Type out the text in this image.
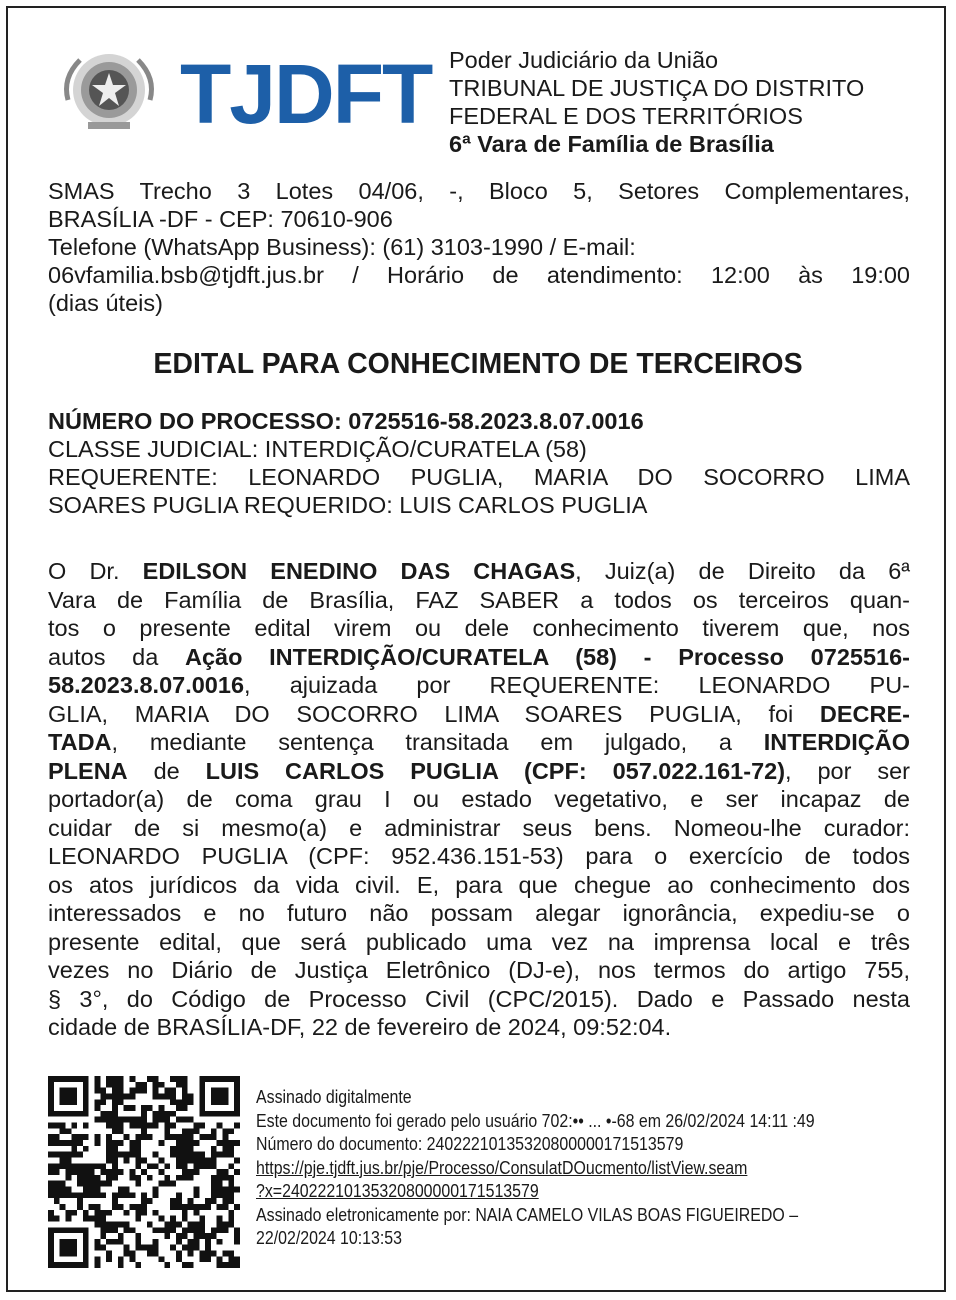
TJDFT Poder Judiciário da União
TRIBUNAL DE JUSTIÇA DO DISTRITO
FEDERAL E DOS TERRITÓRIOS
6ª Vara de Família de Brasília
SMAS Trecho 3 Lotes 04/06, -, Bloco 5, Setores Complementares,
BRASÍLIA -DF - CEP: 70610-906
Telefone (WhatsApp Business): (61) 3103-1990 / E-mail:
06vfamilia.bsb@tjdft.jus.br / Horário de atendimento: 12:00 às 19:00
(dias úteis)
EDITAL PARA CONHECIMENTO DE TERCEIROS
NÚMERO DO PROCESSO: 0725516-58.2023.8.07.0016
CLASSE JUDICIAL: INTERDIÇÃO/CURATELA (58)
REQUERENTE: LEONARDO PUGLIA, MARIA DO SOCORRO LIMA
SOARES PUGLIA REQUERIDO: LUIS CARLOS PUGLIA
O Dr. EDILSON ENEDINO DAS CHAGAS, Juiz(a) de Direito da 6ª
Vara de Família de Brasília, FAZ SABER a todos os terceiros quan-
tos o presente edital virem ou dele conhecimento tiverem que, nos
autos da Ação INTERDIÇÃO/CURATELA (58) - Processo 0725516-
58.2023.8.07.0016, ajuizada por REQUERENTE: LEONARDO PU-
GLIA, MARIA DO SOCORRO LIMA SOARES PUGLIA, foi DECRE-
TADA, mediante sentença transitada em julgado, a INTERDIÇÃO
PLENA de LUIS CARLOS PUGLIA (CPF: 057.022.161-72), por ser
portador(a) de coma grau I ou estado vegetativo, e ser incapaz de
cuidar de si mesmo(a) e administrar seus bens. Nomeou-lhe curador:
LEONARDO PUGLIA (CPF: 952.436.151-53) para o exercício de todos
os atos jurídicos da vida civil. E, para que chegue ao conhecimento dos
interessados e no futuro não possam alegar ignorância, expediu-se o
presente edital, que será publicado uma vez na imprensa local e três
vezes no Diário de Justiça Eletrônico (DJ-e), nos termos do artigo 755,
§ 3°, do Código de Processo Civil (CPC/2015). Dado e Passado nesta
cidade de BRASÍLIA-DF, 22 de fevereiro de 2024, 09:52:04.
Assinado digitalmente
Este documento foi gerado pelo usuário 702:•• ... •-68 em 26/02/2024 14:11 :49
Número do documento: 24022210135320800000171513579
https://pje.tjdft.jus.br/pje/Processo/ConsulatDOucmento/listView.seam
?x=24022210135320800000171513579
Assinado eletronicamente por: NAIA CAMELO VILAS BOAS FIGUEIREDO –
22/02/2024 10:13:53
